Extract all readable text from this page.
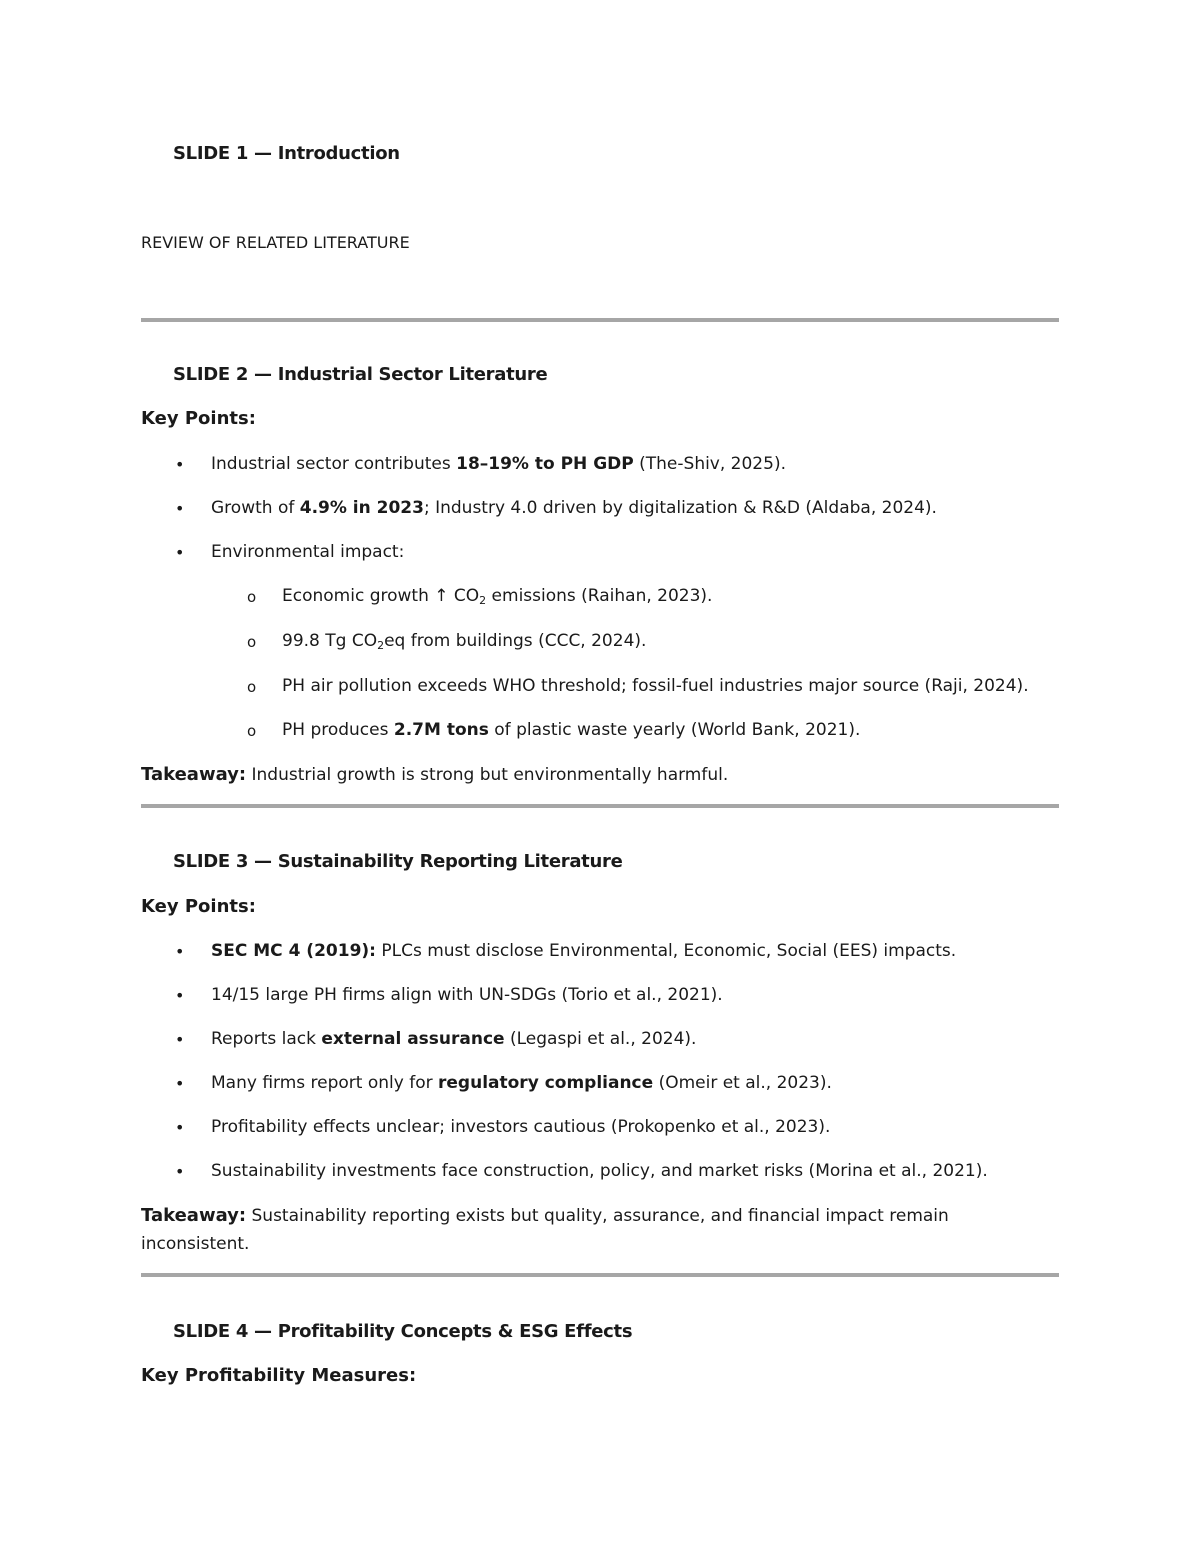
SLIDE 1 — Introduction
REVIEW OF RELATED LITERATURE
SLIDE 2 — Industrial Sector Literature
Key Points:
• Industrial sector contributes 18–19% to PH GDP (The-Shiv, 2025).
• Growth of 4.9% in 2023; Industry 4.0 driven by digitalization & R&D (Aldaba, 2024).
• Environmental impact:
o Economic growth ↑ $CO_2$ emissions (Raihan, 2023).
o 99.8 Tg $CO_2eq$ from buildings (CCC, 2024).
o PH air pollution exceeds WHO threshold; fossil-fuel industries major source (Raji, 2024).
o PH produces 2.7M tons of plastic waste yearly (World Bank, 2021).
Takeaway: Industrial growth is strong but environmentally harmful.
SLIDE 3 — Sustainability Reporting Literature
Key Points:
• SEC MC 4 (2019): PLCs must disclose Environmental, Economic, Social (EES) impacts.
• 14/15 large PH firms align with UN-SDGs (Torio et al., 2021).
• Reports lack external assurance (Legaspi et al., 2024).
• Many firms report only for regulatory compliance (Omeir et al., 2023).
• Profitability effects unclear; investors cautious (Prokopenko et al., 2023).
• Sustainability investments face construction, policy, and market risks (Morina et al., 2021).
Takeaway: Sustainability reporting exists but quality, assurance, and financial impact remain
inconsistent.
SLIDE 4 — Profitability Concepts & ESG Effects
Key Profitability Measures:
